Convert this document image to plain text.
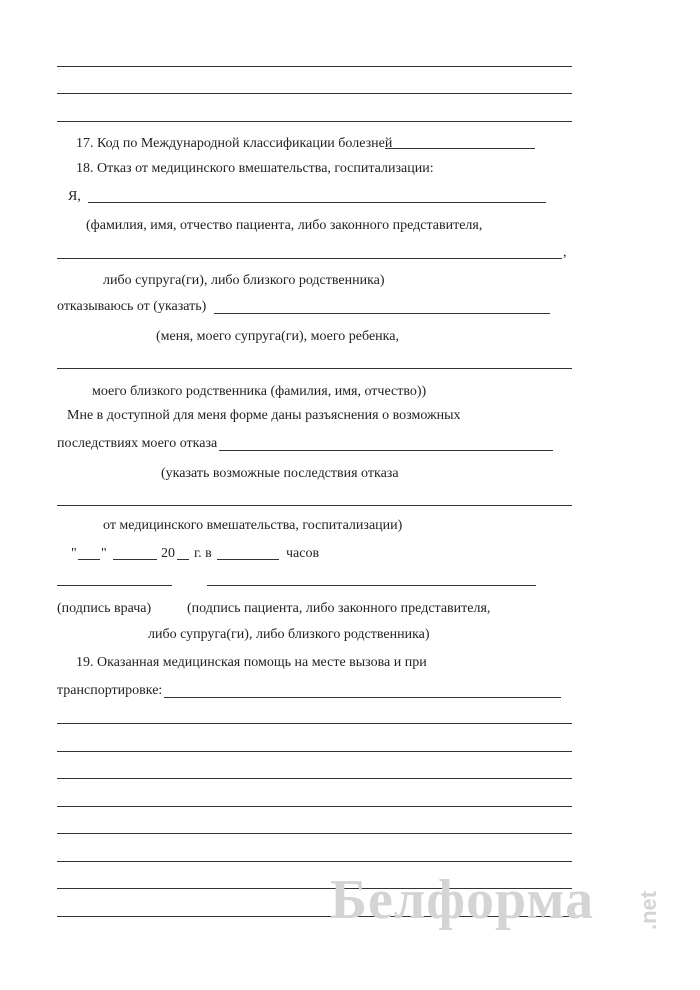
17. Код по Международной классификации болезней
18. Отказ от медицинского вмешательства, госпитализации:
Я,
(фамилия, имя, отчество пациента, либо законного представителя,
,
либо супруга(ги), либо близкого родственника)
отказываюсь от (указать)
(меня, моего супруга(ги), моего ребенка,
моего близкого родственника (фамилия, имя, отчество))
Мне в доступной для меня форме даны разъяснения о возможных
последствиях моего отказа
(указать возможные последствия отказа
от медицинского вмешательства, госпитализации)
" "	20 г. в	часов
(подпись врача)	(подпись пациента, либо законного представителя,
либо супруга(ги), либо близкого родственника)
19. Оказанная медицинская помощь на месте вызова и при
транспортировке:
Белформа .net
